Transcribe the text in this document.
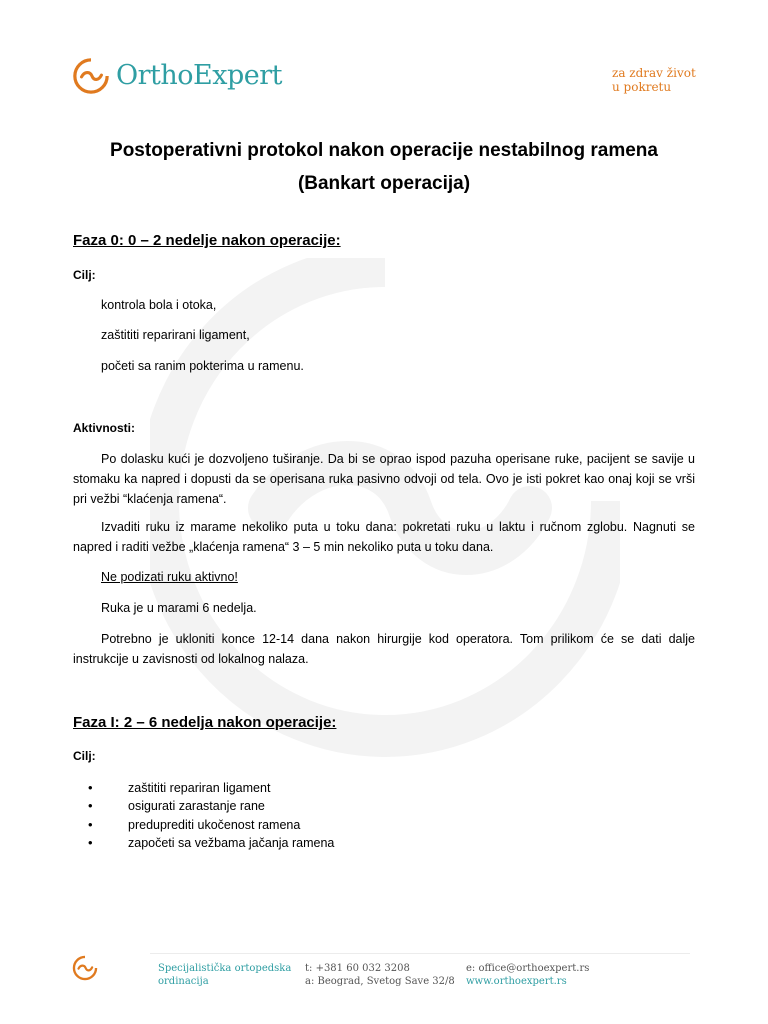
OrthoExpert	za zdrav život
u pokretu
Postoperativni protokol nakon operacije nestabilnog ramena
(Bankart operacija)
Faza 0: 0 – 2 nedelje nakon operacije:
Cilj:
kontrola bola i otoka,
zaštititi reparirani ligament,
početi sa ranim pokterima u ramenu.
Aktivnosti:
Po dolasku kući je dozvoljeno tuširanje. Da bi se oprao ispod pazuha operisane ruke, pacijent se savije u stomaku ka napred i dopusti da se operisana ruka pasivno odvoji od tela. Ovo je isti pokret kao onaj koji se vrši pri vežbi “klaćenja ramena“.
Izvaditi ruku iz marame nekoliko puta u toku dana: pokretati ruku u laktu i ručnom zglobu. Nagnuti se napred i raditi vežbe „klaćenja ramena“ 3 – 5 min nekoliko puta u toku dana.
Ne podizati ruku aktivno!
Ruka je u marami 6 nedelja.
Potrebno je ukloniti konce 12-14 dana nakon hirurgije kod operatora. Tom prilikom će se dati dalje instrukcije u zavisnosti od lokalnog nalaza.
Faza I: 2 – 6 nedelja nakon operacije:
Cilj:
•	zaštititi repariran ligament
•	osigurati zarastanje rane
•	preduprediti ukočenost ramena
•	započeti sa vežbama jačanja ramena
Specijalistička ortopedska
ordinacija
t: +381 60 032 3208
a: Beograd, Svetog Save 32/8
e: office@orthoexpert.rs
www.orthoexpert.rs
